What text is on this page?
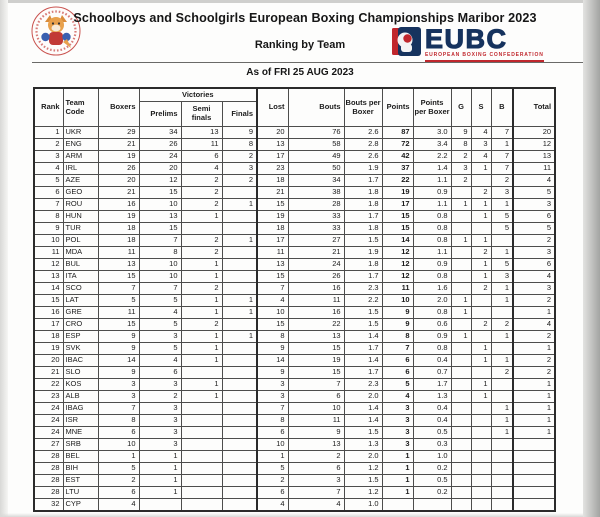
Schoolboys and Schoolgirls European Boxing Championships Maribor 2023
Ranking by Team	EUBC
EUROPEAN BOXING CONFEDERATION
As of FRI 25 AUG 2023
Rank	Team Code	Boxers	Victories			Lost	Bouts	Bouts per Boxer	Points	Points per Boxer	G	S	B	Total
			Prelims	Semi finals	Finals									
1	UKR	29	34	13	9	20	76	2.6	87	3.0	9	4	7	20
2	ENG	21	26	11	8	13	58	2.8	72	3.4	8	3	1	12
3	ARM	19	24	6	2	17	49	2.6	42	2.2	2	4	7	13
4	IRL	26	20	4	3	23	50	1.9	37	1.4	3	1	7	11
5	AZE	20	12	2	2	18	34	1.7	22	1.1	2		2	4
6	GEO	21	15	2		21	38	1.8	19	0.9		2	3	5
7	ROU	16	10	2	1	15	28	1.8	17	1.1	1	1	1	3
8	HUN	19	13	1		19	33	1.7	15	0.8		1	5	6
9	TUR	18	15			18	33	1.8	15	0.8			5	5
10	POL	18	7	2	1	17	27	1.5	14	0.8	1	1		2
11	MDA	11	8	2		11	21	1.9	12	1.1		2	1	3
12	BUL	13	10	1		13	24	1.8	12	0.9		1	5	6
13	ITA	15	10	1		15	26	1.7	12	0.8		1	3	4
14	SCO	7	7	2		7	16	2.3	11	1.6		2	1	3
15	LAT	5	5	1	1	4	11	2.2	10	2.0	1		1	2
16	GRE	11	4	1	1	10	16	1.5	9	0.8	1			1
17	CRO	15	5	2		15	22	1.5	9	0.6		2	2	4
18	ESP	9	3	1	1	8	13	1.4	8	0.9	1		1	2
19	SVK	9	5	1		9	15	1.7	7	0.8		1		1
20	IBAC	14	4	1		14	19	1.4	6	0.4		1	1	2
21	SLO	9	6			9	15	1.7	6	0.7			2	2
22	KOS	3	3	1		3	7	2.3	5	1.7		1		1
23	ALB	3	2	1		3	6	2.0	4	1.3		1		1
24	IBAG	7	3			7	10	1.4	3	0.4			1	1
24	ISR	8	3			8	11	1.4	3	0.4			1	1
24	MNE	6	3			6	9	1.5	3	0.5			1	1
27	SRB	10	3			10	13	1.3	3	0.3				
28	BEL	1	1			1	2	2.0	1	1.0				
28	BIH	5	1			5	6	1.2	1	0.2				
28	EST	2	1			2	3	1.5	1	0.5				
28	LTU	6	1			6	7	1.2	1	0.2				
32	CYP	4				4	4	1.0						
